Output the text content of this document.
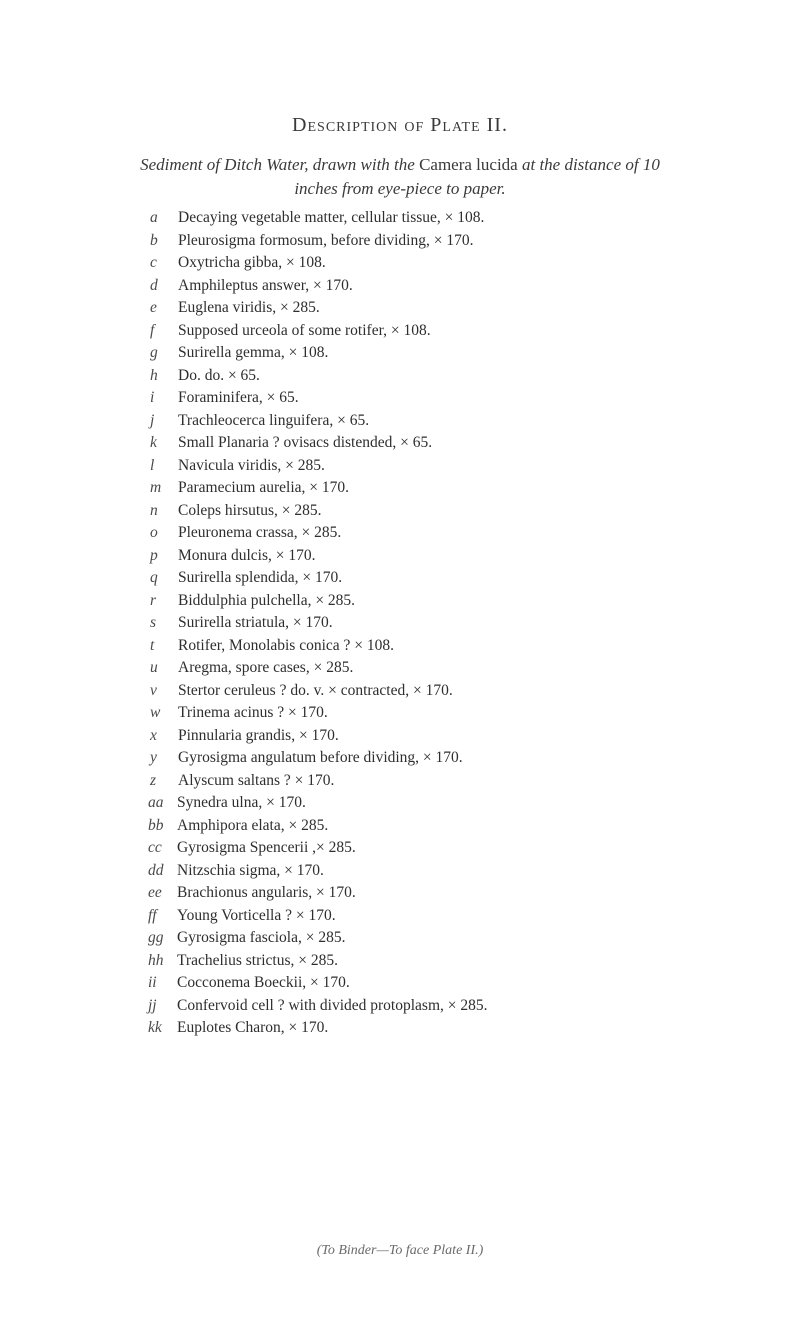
Description of Plate II.
Sediment of Ditch Water, drawn with the Camera lucida at the distance of 10 inches from eye-piece to paper.
a	Decaying vegetable matter, cellular tissue, × 108.
b	Pleurosigma formosum, before dividing, × 170.
c	Oxytricha gibba, × 108.
d	Amphileptus answer, × 170.
e	Euglena viridis, × 285.
f	Supposed urceola of some rotifer, × 108.
g	Surirella gemma, × 108.
h	Do. do. × 65.
i	Foraminifera, × 65.
j	Trachleocerca linguifera, × 65.
k	Small Planaria ? ovisacs distended, × 65.
l	Navicula viridis, × 285.
m	Paramecium aurelia, × 170.
n	Coleps hirsutus, × 285.
o	Pleuronema crassa, × 285.
p	Monura dulcis, × 170.
q	Surirella splendida, × 170.
r	Biddulphia pulchella, × 285.
s	Surirella striatula, × 170.
t	Rotifer, Monolabis conica ? × 108.
u	Aregma, spore cases, × 285.
v	Stertor ceruleus ? do. v. × contracted, × 170.
w	Trinema acinus ? × 170.
x	Pinnularia grandis, × 170.
y	Gyrosigma angulatum before dividing, × 170.
z	Alyscum saltans ? × 170.
aa Synedra ulna, × 170.
bb Amphipora elata, × 285.
cc Gyrosigma Spencerii ,× 285.
dd Nitzschia sigma, × 170.
ee Brachionus angularis, × 170.
ff	Young Vorticella ? × 170.
gg Gyrosigma fasciola, × 285.
hh Trachelius strictus, × 285.
ii	Cocconema Boeckii, × 170.
jj	Confervoid cell ? with divided protoplasm, × 285.
kk Euplotes Charon, × 170.
(To Binder—To face Plate II.)
